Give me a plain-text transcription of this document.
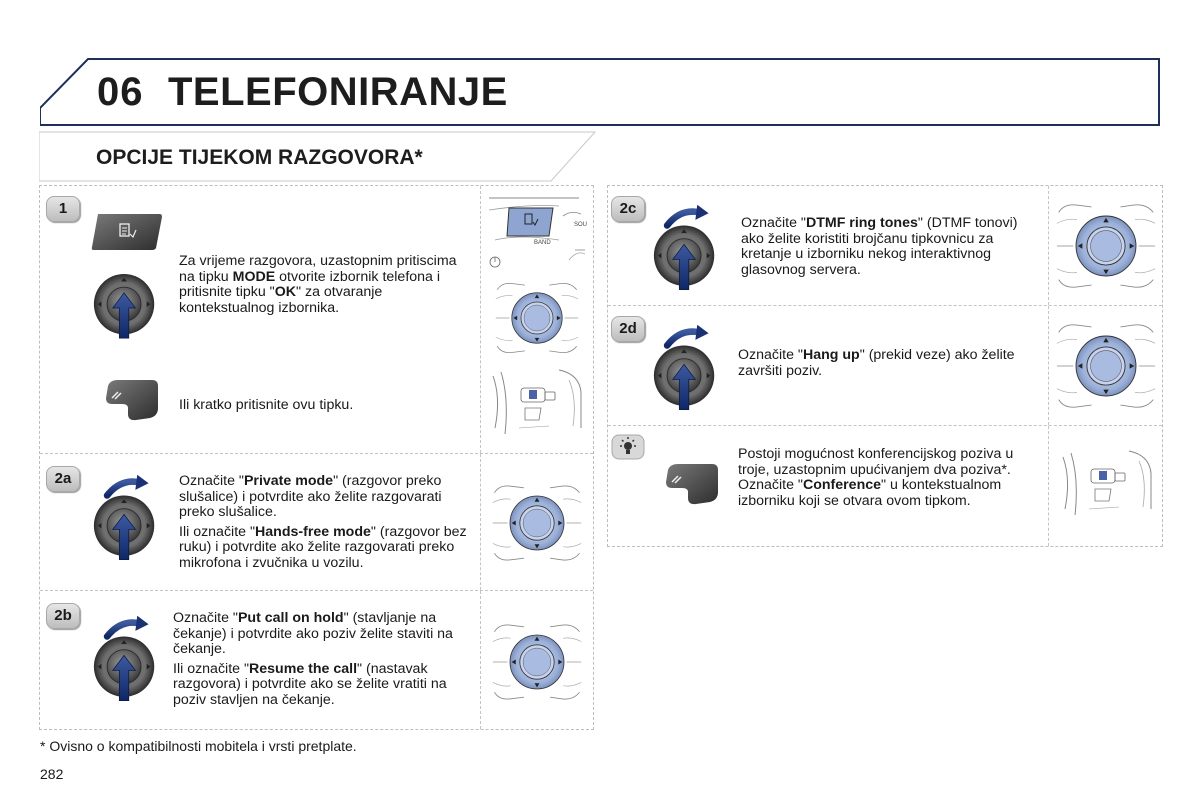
06 TELEFONIRANJE
OPCIJE TIJEKOM RAZGOVORA*
1

Za vrijeme razgovora, uzastopnim pritiscima na tipku MODE otvorite izbornik telefona i pritisnite tipku "OK" za otvaranje kontekstualnog izbornika.

Ili kratko pritisnite ovu tipku.

BAND
SOU
2a	Označite "Private mode" (razgovor preko slušalice) i potvrdite ako želite razgovarati preko slušalice.

Ili označite "Hands-free mode" (razgovor bez ruku) i potvrdite ako želite razgovarati preko mikrofona i zvučnika u vozilu.

2b	Označite "Put call on hold" (stavljanje na čekanje) i potvrdite ako poziv želite staviti na čekanje.

Ili označite "Resume the call" (nastavak razgovora) i potvrdite ako se želite vratiti na poziv stavljen na čekanje.

2c

Označite "DTMF ring tones" (DTMF tonovi) ako želite koristiti brojčanu tipkovnicu za kretanje u izborniku nekog interaktivnog glasovnog servera.

2d

Označite "Hang up" (prekid veze) ako želite završiti poziv.

Postoji mogućnost konferencijskog poziva u troje, uzastopnim upućivanjem dva poziva*. Označite "Conference" u kontekstualnom izborniku koji se otvara ovom tipkom.

* Ovisno o kompatibilnosti mobitela i vrsti pretplate.
282
